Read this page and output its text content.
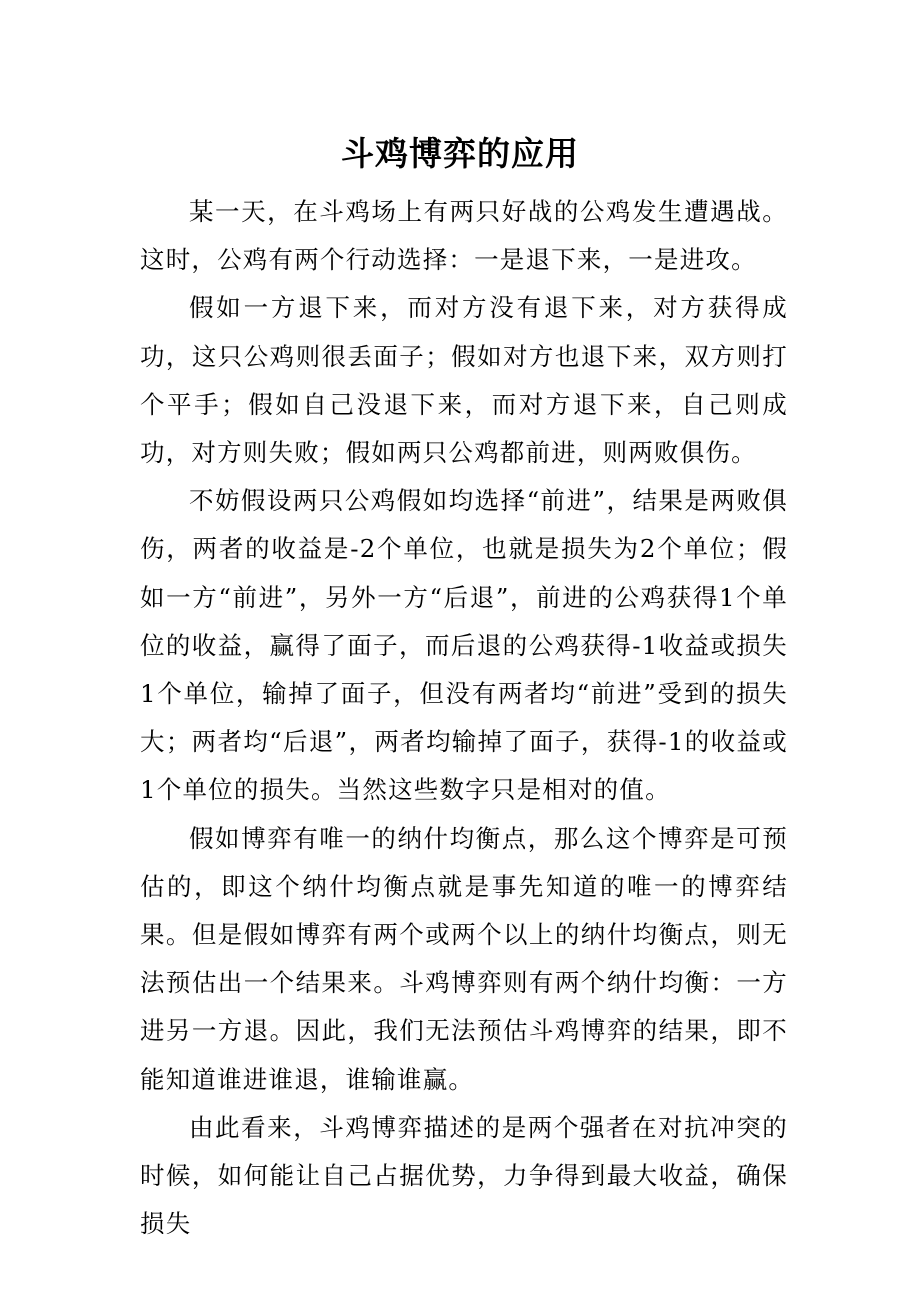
斗鸡博弈的应用

某一天，在斗鸡场上有两只好战的公鸡发生遭遇战。这时，公鸡有两个行动选择：一是退下来，一是进攻。

假如一方退下来，而对方没有退下来，对方获得成功，这只公鸡则很丢面子；假如对方也退下来，双方则打个平手；假如自己没退下来，而对方退下来，自己则成功，对方则失败；假如两只公鸡都前进，则两败俱伤。

不妨假设两只公鸡假如均选择“前进”，结果是两败俱伤，两者的收益是-2个单位，也就是损失为2个单位；假如一方“前进”，另外一方“后退”，前进的公鸡获得1个单位的收益，赢得了面子，而后退的公鸡获得-1收益或损失1个单位，输掉了面子，但没有两者均“前进”受到的损失大；两者均“后退”，两者均输掉了面子，获得-1的收益或1个单位的损失。当然这些数字只是相对的值。

假如博弈有唯一的纳什均衡点，那么这个博弈是可预估的，即这个纳什均衡点就是事先知道的唯一的博弈结果。但是假如博弈有两个或两个以上的纳什均衡点，则无法预估出一个结果来。斗鸡博弈则有两个纳什均衡：一方进另一方退。因此，我们无法预估斗鸡博弈的结果，即不能知道谁进谁退，谁输谁赢。

由此看来，斗鸡博弈描述的是两个强者在对抗冲突的时候，如何能让自己占据优势，力争得到最大收益，确保损失
